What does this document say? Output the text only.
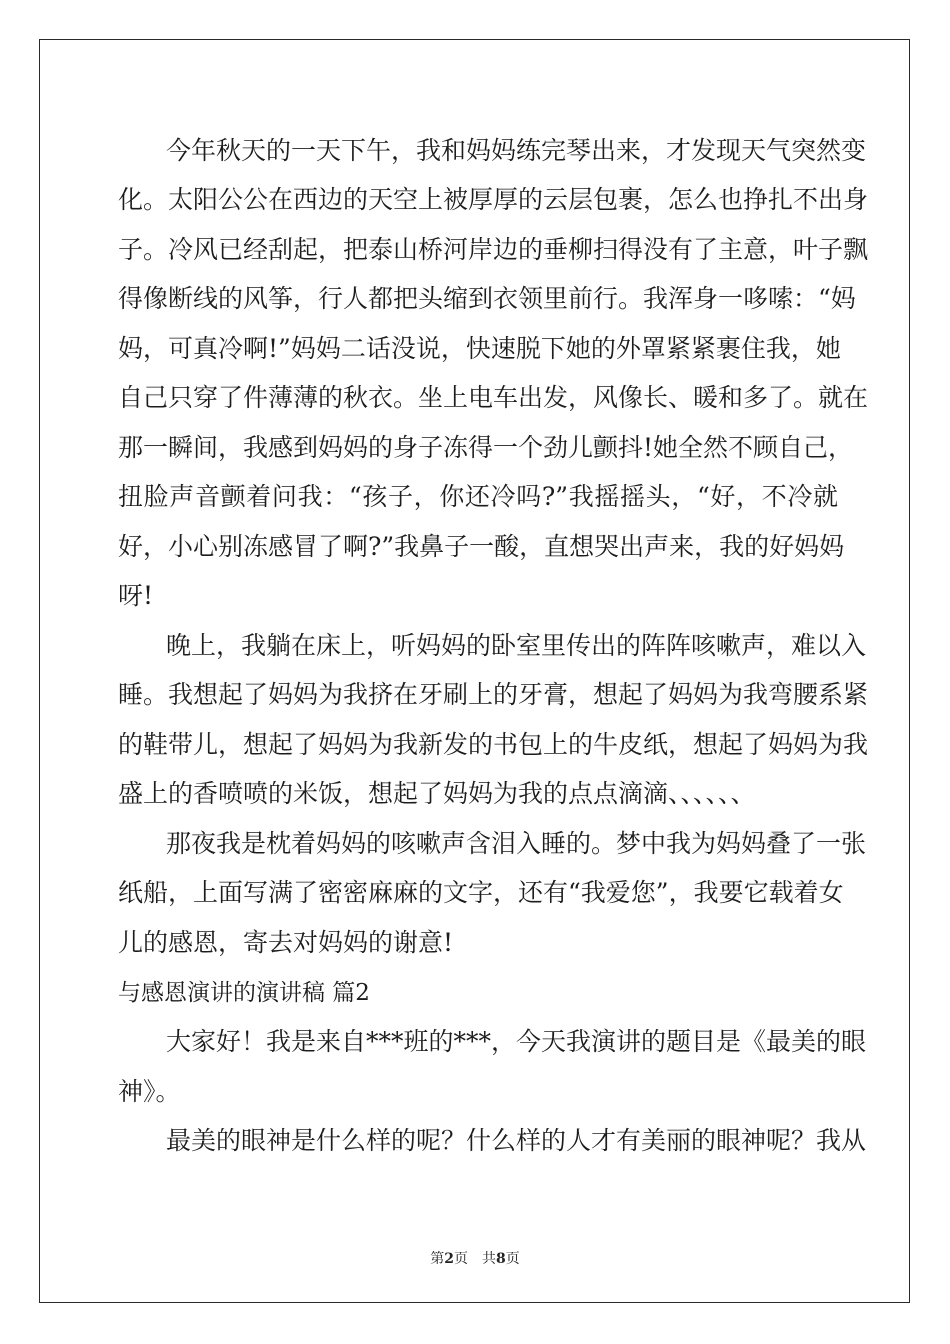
今年秋天的一天下午，我和妈妈练完琴出来，才发现天气突然变
化。太阳公公在西边的天空上被厚厚的云层包裹，怎么也挣扎不出身
子。冷风已经刮起，把泰山桥河岸边的垂柳扫得没有了主意，叶子飘
得像断线的风筝，行人都把头缩到衣领里前行。我浑身一哆嗦：“妈
妈，可真冷啊!”妈妈二话没说，快速脱下她的外罩紧紧裹住我，她
自己只穿了件薄薄的秋衣。坐上电车出发，风像长、暖和多了。就在
那一瞬间，我感到妈妈的身子冻得一个劲儿颤抖!她全然不顾自己，
扭脸声音颤着问我：“孩子，你还冷吗?”我摇摇头，“好，不冷就
好，小心别冻感冒了啊?”我鼻子一酸，直想哭出声来，我的好妈妈
呀!
晚上，我躺在床上，听妈妈的卧室里传出的阵阵咳嗽声，难以入
睡。我想起了妈妈为我挤在牙刷上的牙膏，想起了妈妈为我弯腰系紧
的鞋带儿，想起了妈妈为我新发的书包上的牛皮纸，想起了妈妈为我
盛上的香喷喷的米饭，想起了妈妈为我的点点滴滴、、、、、、
那夜我是枕着妈妈的咳嗽声含泪入睡的。梦中我为妈妈叠了一张
纸船，上面写满了密密麻麻的文字，还有“我爱您”，我要它载着女
儿的感恩，寄去对妈妈的谢意!
与感恩演讲的演讲稿 篇2
大家好！我是来自***班的***，今天我演讲的题目是《最美的眼
神》。
最美的眼神是什么样的呢？什么样的人才有美丽的眼神呢？我从
第2页　共8页
